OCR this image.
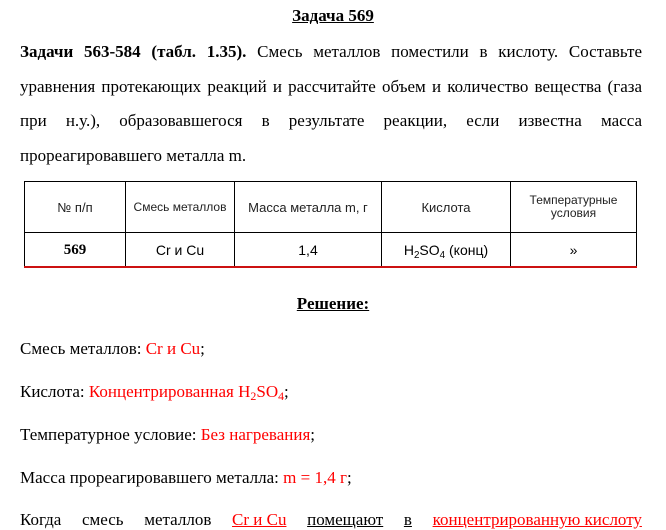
Задача 569
Задачи 563-584 (табл. 1.35). Смесь металлов поместили в кислоту. Составьте уравнения протекающих реакций и рассчитайте объем и количество вещества (газа при н.у.), образовавшегося в результате реакции, если известна масса прореагировавшего металла m.
№ п/п	Смесь металлов	Масса металла m, г	Кислота	Температурные условия
569	Cr и Cu	1,4	$H_2SO_4$ (конц)	»
Решение:
Смесь металлов: Cr и Cu;
Кислота: Концентрированная $H_2SO_4$;
Температурное условие: Без нагревания;
Масса прореагировавшего металла: m = 1,4 г;
Когда смесь металлов Cr и Cu помещают в концентрированную кислоту
